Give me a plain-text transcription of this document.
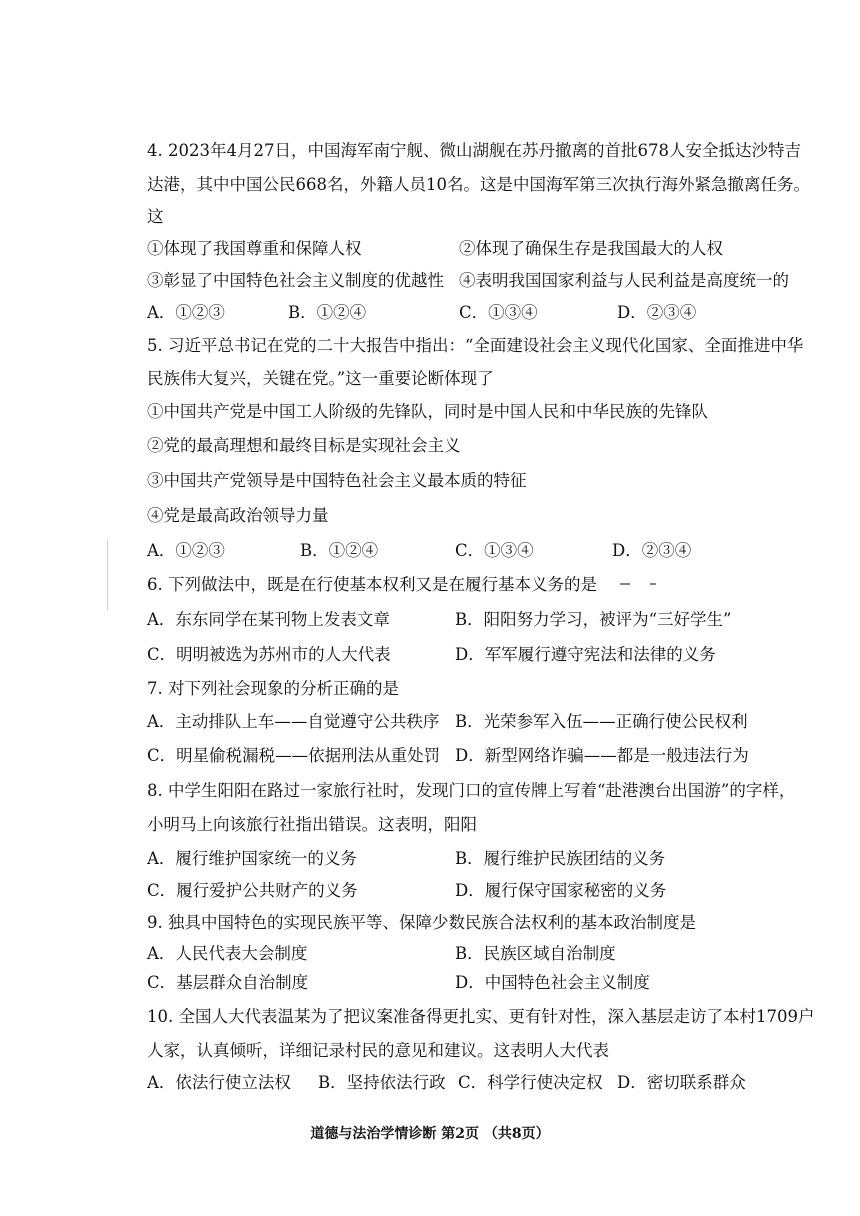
4. 2023年4月27日，中国海军南宁舰、微山湖舰在苏丹撤离的首批678人安全抵达沙特吉
达港，其中中国公民668名，外籍人员10名。这是中国海军第三次执行海外紧急撤离任务。
这
①体现了我国尊重和保障人权	②体现了确保生存是我国最大的人权
③彰显了中国特色社会主义制度的优越性 ④表明我国国家利益与人民利益是高度统一的
A．①②③	B．①②④	C．①③④	D．②③④
5. 习近平总书记在党的二十大报告中指出：“全面建设社会主义现代化国家、全面推进中华
民族伟大复兴，关键在党。”这一重要论断体现了
①中国共产党是中国工人阶级的先锋队，同时是中国人民和中华民族的先锋队
②党的最高理想和最终目标是实现社会主义
③中国共产党领导是中国特色社会主义最本质的特征
④党是最高政治领导力量
A．①②③	B．①②④	C．①③④	D．②③④
6. 下列做法中，既是在行使基本权利又是在履行基本义务的是
A．东东同学在某刊物上发表文章	B．阳阳努力学习，被评为“三好学生”
C．明明被选为苏州市的人大代表	D．军军履行遵守宪法和法律的义务
7. 对下列社会现象的分析正确的是
A．主动排队上车——自觉遵守公共秩序 B．光荣参军入伍——正确行使公民权利
C．明星偷税漏税——依据刑法从重处罚 D．新型网络诈骗——都是一般违法行为
8. 中学生阳阳在路过一家旅行社时，发现门口的宣传牌上写着“赴港澳台出国游”的字样，
小明马上向该旅行社指出错误。这表明，阳阳
A．履行维护国家统一的义务	B．履行维护民族团结的义务
C．履行爱护公共财产的义务	D．履行保守国家秘密的义务
9. 独具中国特色的实现民族平等、保障少数民族合法权利的基本政治制度是
A．人民代表大会制度	B．民族区域自治制度
C．基层群众自治制度	D．中国特色社会主义制度
10. 全国人大代表温某为了把议案准备得更扎实、更有针对性，深入基层走访了本村1709户
人家，认真倾听，详细记录村民的意见和建议。这表明人大代表
A．依法行使立法权 B．坚持依法行政 C．科学行使决定权 D．密切联系群众
道德与法治学情诊断 第2页 （共8页）
